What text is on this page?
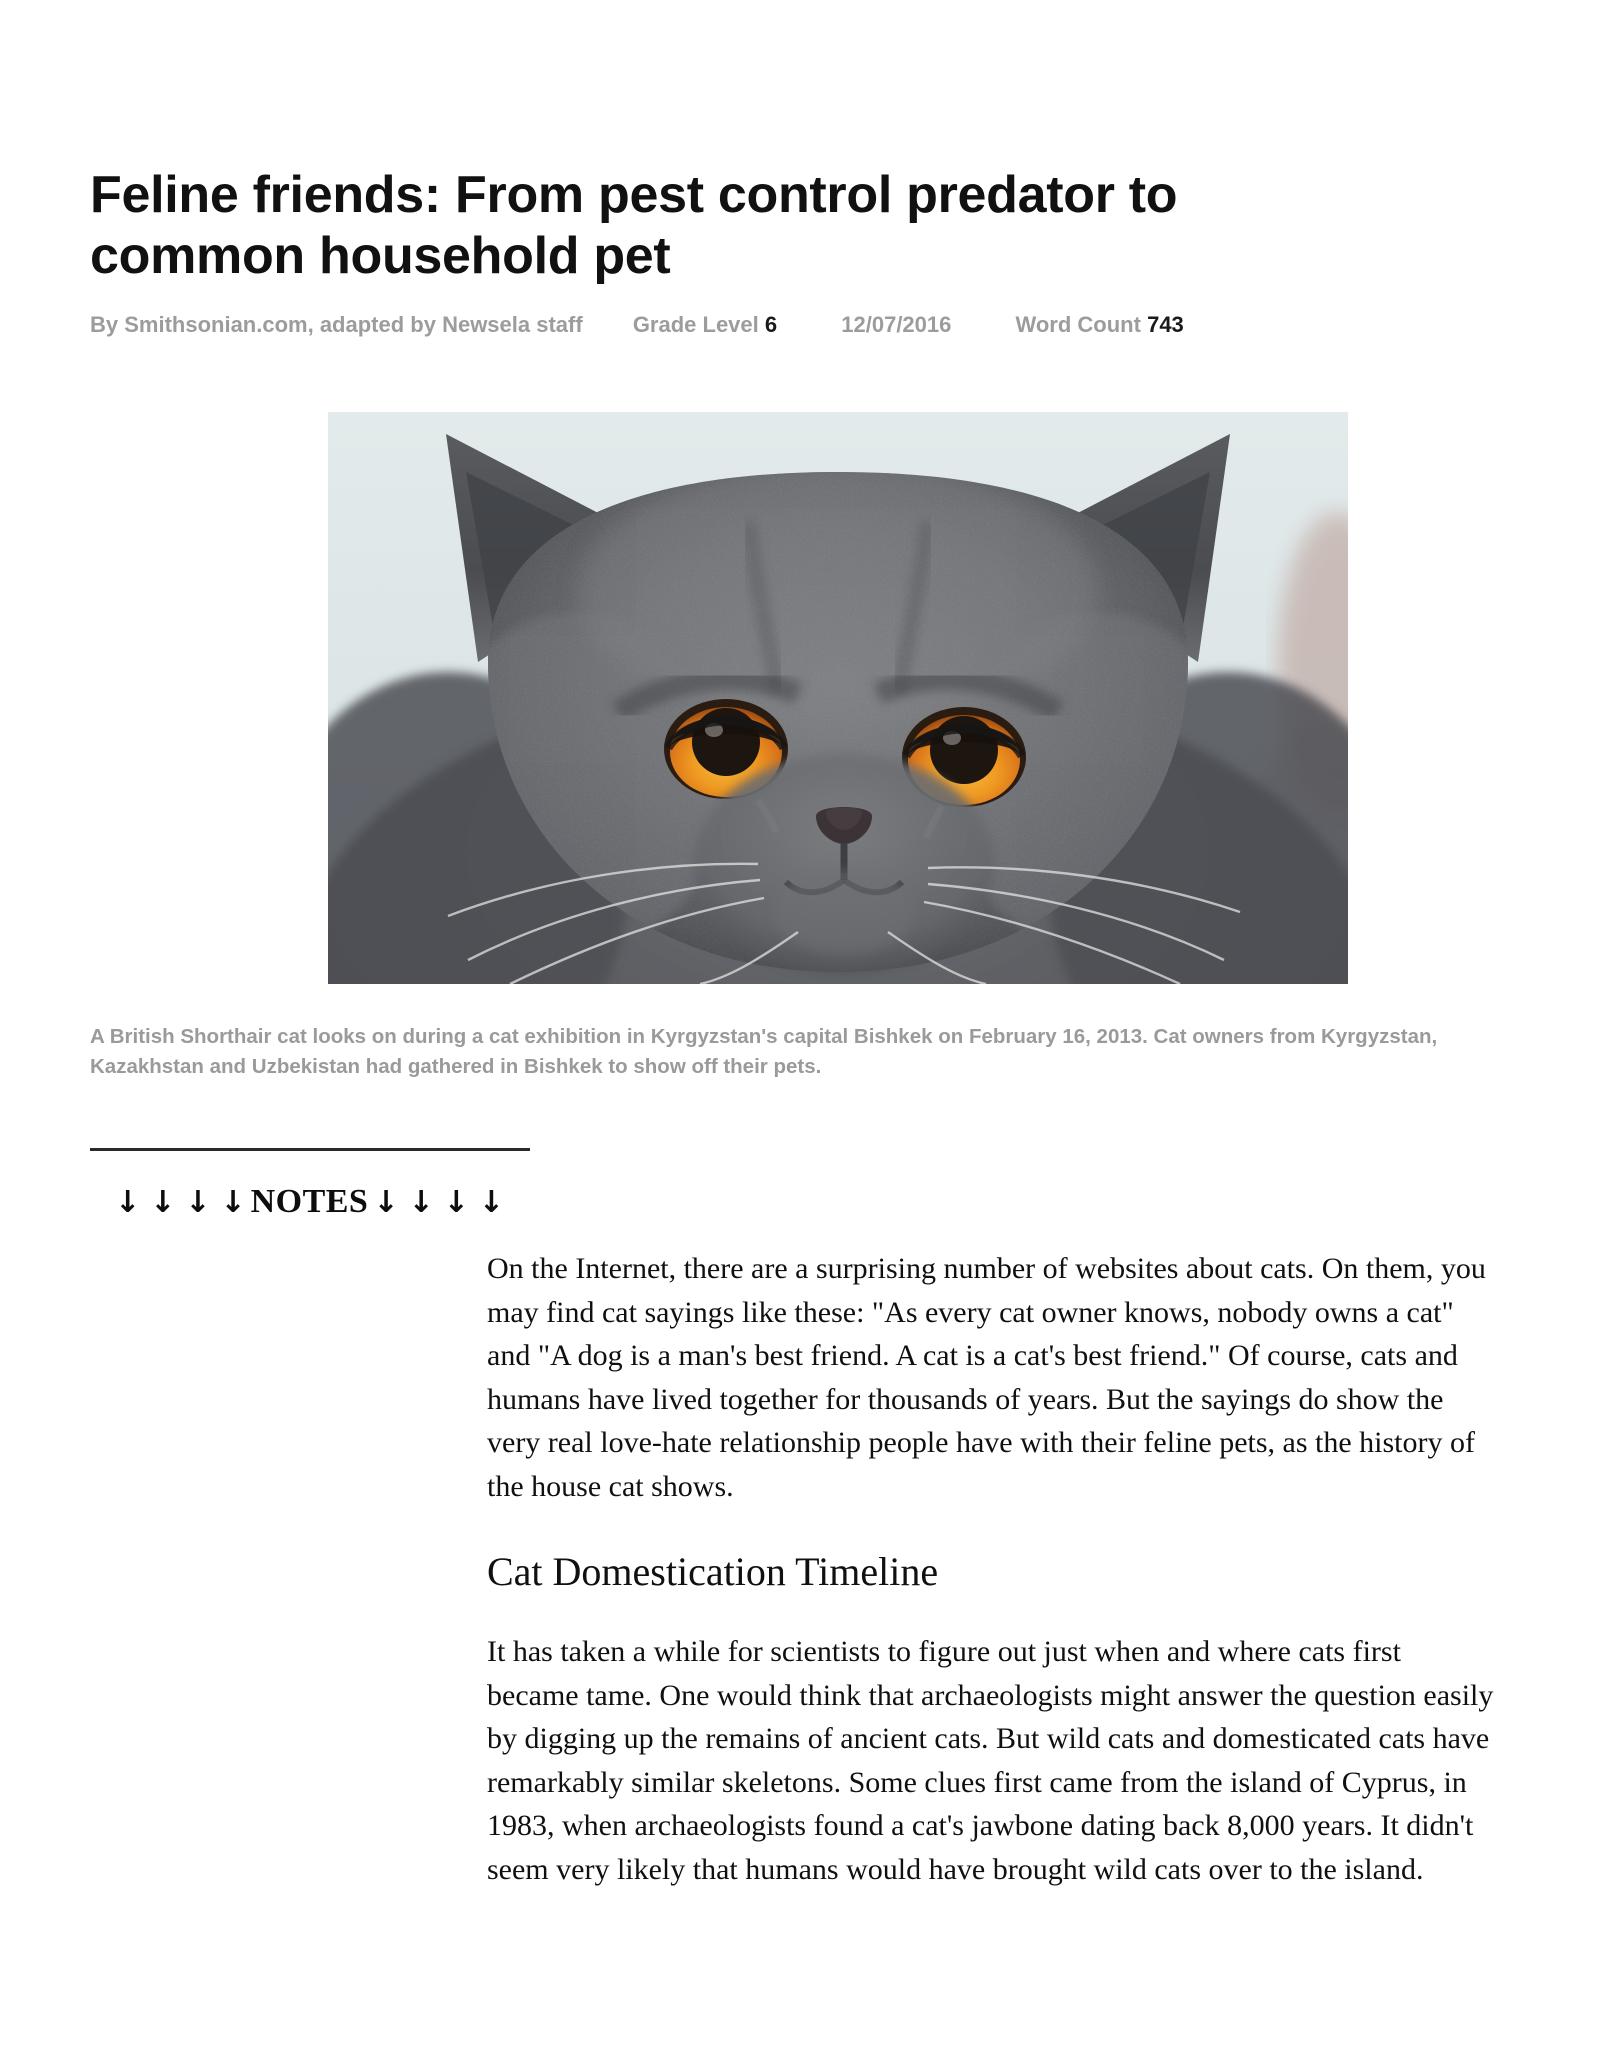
Feline friends: From pest control predator to common household pet
By Smithsonian.com, adapted by Newsela staff Grade Level 6	12/07/2016	Word Count 743
A British Shorthair cat looks on during a cat exhibition in Kyrgyzstan's capital Bishkek on February 16, 2013. Cat owners from Kyrgyzstan, Kazakhstan and Uzbekistan had gathered in Bishkek to show off their pets.
↓ ↓ ↓ ↓ NOTES ↓ ↓ ↓ ↓

On the Internet, there are a surprising number of websites about cats. On them, you may find cat sayings like these: "As every cat owner knows, nobody owns a cat" and "A dog is a man's best friend. A cat is a cat's best friend." Of course, cats and humans have lived together for thousands of years. But the sayings do show the very real love-hate relationship people have with their feline pets, as the history of the house cat shows.

Cat Domestication Timeline

It has taken a while for scientists to figure out just when and where cats first became tame. One would think that archaeologists might answer the question easily by digging up the remains of ancient cats. But wild cats and domesticated cats have remarkably similar skeletons. Some clues first came from the island of Cyprus, in 1983, when archaeologists found a cat's jawbone dating back 8,000 years. It didn't seem very likely that humans would have brought wild cats over to the island.
